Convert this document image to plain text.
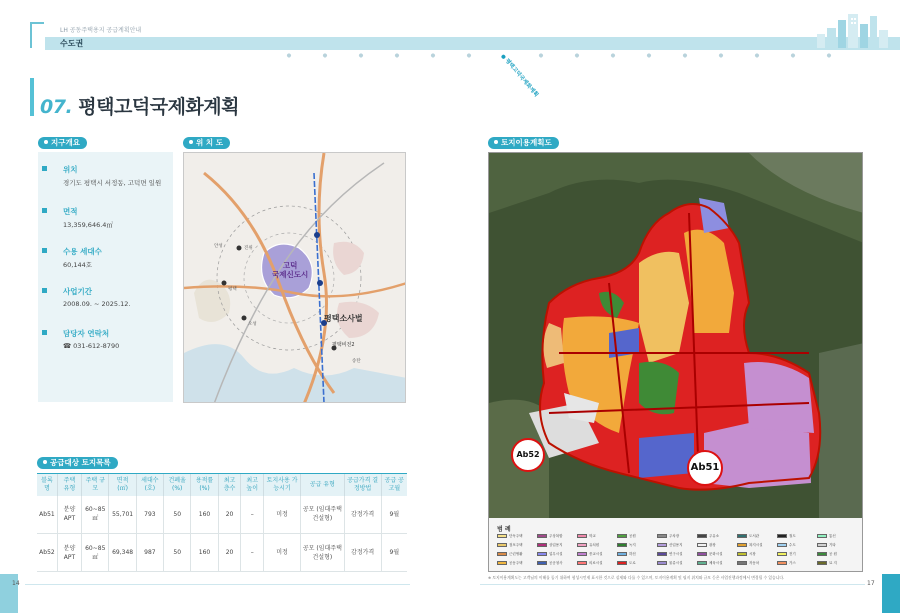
LH 공동주택용지 공급계획안내
수도권
평택고덕국제화계획
07. 평택고덕국제화계획
지구개요	위 치 도	토지이용계획도
공급대상 토지목록
위치
경기도 평택시 서정동, 고덕면 일원
면적
13,359,646.4㎡
수용 세대수
60,144호
사업기간
2008.09. ~ 2025.12.
담당자 연락처
☎ 031-612-8790
고덕
국제신도시
평택소사벌
평택비전2
안성
평택
진위
송탄
오성
Ab52
Ab51
범 례
단독주택
점포주택
근린생활
공동주택
주상복합
상업용지
업무시설
공공청사
학교
유치원
종교시설
의료시설
공원
녹지
하천
도로
주차장
산업용지
연구시설
물류시설
주유소
광장
문화시설
체육시설
도서관
복지시설
시장
자동차
철도
수도
전기
가스
통신
기타
공 원
묘 지
블록명	주택 유형	주택 규모	면적 (㎡)	세대수 (호)	건폐율 (%)	용적률 (%)	최고 층수	최고 높이	토지사용 가능시기	공급 유형	공급가격 결정방법	공급 공고월
Ab51	분양APT	60~85㎡	55,701	793	50	160	20	–	미정	공모 (임대주택 건설형)	감정가격	9월
Ab52	분양APT	60~85㎡	69,348	987	50	160	20	–	미정	공모 (임대주택 건설형)	감정가격	9월
※ 토지이용계획도는 고객님의 이해를 돕기 위하여 협성시언제 표시한 것으로 실제와 다를 수 있으며, 토지이용계획 및 필지 위치와 규모 등은 사업진행과정에서 변경될 수 있습니다.
14	17
